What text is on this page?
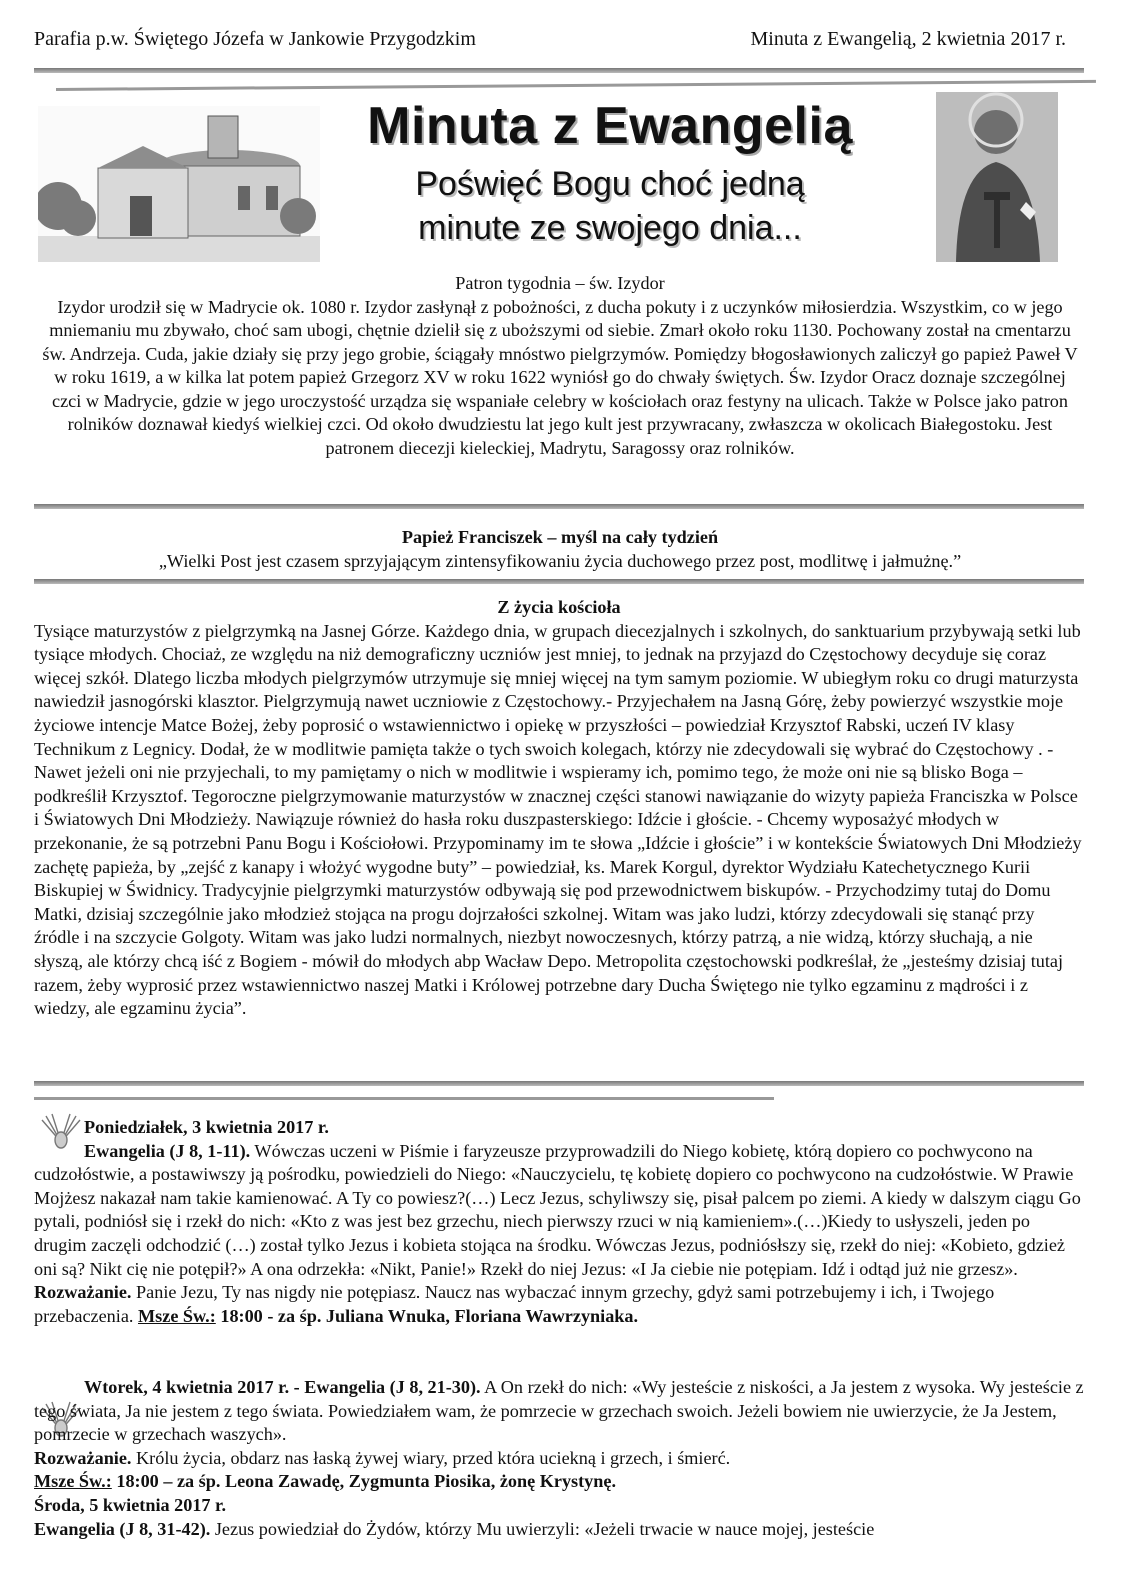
Parafia p.w. Świętego Józefa w Jankowie Przygodzkim	Minuta z Ewangelią, 2 kwietnia 2017 r.
Minuta z Ewangelią
Poświęć Bogu choć jedną
minute ze swojego dnia...

Patron tygodnia – św. Izydor

Izydor urodził się w Madrycie ok. 1080 r. Izydor zasłynął z pobożności, z ducha pokuty i z uczynków miłosierdzia. Wszystkim, co w jego mniemaniu mu zbywało, choć sam ubogi, chętnie dzielił się z uboższymi od siebie. Zmarł około roku 1130. Pochowany został na cmentarzu św. Andrzeja. Cuda, jakie działy się przy jego grobie, ściągały mnóstwo pielgrzymów. Pomiędzy błogosławionych zaliczył go papież Paweł V w roku 1619, a w kilka lat potem papież Grzegorz XV w roku 1622 wyniósł go do chwały świętych. Św. Izydor Oracz doznaje szczególnej czci w Madrycie, gdzie w jego uroczystość urządza się wspaniałe celebry w kościołach oraz festyny na ulicach. Także w Polsce jako patron rolników doznawał kiedyś wielkiej czci. Od około dwudziestu lat jego kult jest przywracany, zwłaszcza w okolicach Białegostoku. Jest patronem diecezji kieleckiej, Madrytu, Saragossy oraz rolników.

Papież Franciszek – myśl na cały tydzień

„Wielki Post jest czasem sprzyjającym zintensyfikowaniu życia duchowego przez post, modlitwę i jałmużnę.”

Z życia kościoła

Tysiące maturzystów z pielgrzymką na Jasnej Górze. Każdego dnia, w grupach diecezjalnych i szkolnych, do sanktuarium przybywają setki lub tysiące młodych. Chociaż, ze względu na niż demograficzny uczniów jest mniej, to jednak na przyjazd do Częstochowy decyduje się coraz więcej szkół. Dlatego liczba młodych pielgrzymów utrzymuje się mniej więcej na tym samym poziomie. W ubiegłym roku co drugi maturzysta nawiedził jasnogórski klasztor. Pielgrzymują nawet uczniowie z Częstochowy.- Przyjechałem na Jasną Górę, żeby powierzyć wszystkie moje życiowe intencje Matce Bożej, żeby poprosić o wstawiennictwo i opiekę w przyszłości – powiedział Krzysztof Rabski, uczeń IV klasy Technikum z Legnicy. Dodał, że w modlitwie pamięta także o tych swoich kolegach, którzy nie zdecydowali się wybrać do Częstochowy . - Nawet jeżeli oni nie przyjechali, to my pamiętamy o nich w modlitwie i wspieramy ich, pomimo tego, że może oni nie są blisko Boga – podkreślił Krzysztof. Tegoroczne pielgrzymowanie maturzystów w znacznej części stanowi nawiązanie do wizyty papieża Franciszka w Polsce i Światowych Dni Młodzieży. Nawiązuje również do hasła roku duszpasterskiego: Idźcie i głoście. - Chcemy wyposażyć młodych w przekonanie, że są potrzebni Panu Bogu i Kościołowi. Przypominamy im te słowa „Idźcie i głoście” i w kontekście Światowych Dni Młodzieży zachętę papieża, by „zejść z kanapy i włożyć wygodne buty” – powiedział, ks. Marek Korgul, dyrektor Wydziału Katechetycznego Kurii Biskupiej w Świdnicy. Tradycyjnie pielgrzymki maturzystów odbywają się pod przewodnictwem biskupów. - Przychodzimy tutaj do Domu Matki, dzisiaj szczególnie jako młodzież stojąca na progu dojrzałości szkolnej. Witam was jako ludzi, którzy zdecydowali się stanąć przy źródle i na szczycie Golgoty. Witam was jako ludzi normalnych, niezbyt nowoczesnych, którzy patrzą, a nie widzą, którzy słuchają, a nie słyszą, ale którzy chcą iść z Bogiem - mówił do młodych abp Wacław Depo. Metropolita częstochowski podkreślał, że „jesteśmy dzisiaj tutaj razem, żeby wyprosić przez wstawiennictwo naszej Matki i Królowej potrzebne dary Ducha Świętego nie tylko egzaminu z mądrości i z wiedzy, ale egzaminu życia”.

Poniedziałek, 3 kwietnia 2017 r.

Ewangelia (J 8, 1-11). Wówczas uczeni w Piśmie i faryzeusze przyprowadzili do Niego kobietę, którą dopiero co pochwycono na cudzołóstwie, a postawiwszy ją pośrodku, powiedzieli do Niego: «Nauczycielu, tę kobietę dopiero co pochwycono na cudzołóstwie. W Prawie Mojżesz nakazał nam takie kamienować. A Ty co powiesz?(…) Lecz Jezus, schyliwszy się, pisał palcem po ziemi. A kiedy w dalszym ciągu Go pytali, podniósł się i rzekł do nich: «Kto z was jest bez grzechu, niech pierwszy rzuci w nią kamieniem».(…)Kiedy to usłyszeli, jeden po drugim zaczęli odchodzić (…) został tylko Jezus i kobieta stojąca na środku. Wówczas Jezus, podniósłszy się, rzekł do niej: «Kobieto, gdzież oni są? Nikt cię nie potępił?» A ona odrzekła: «Nikt, Panie!» Rzekł do niej Jezus: «I Ja ciebie nie potępiam. Idź i odtąd już nie grzesz».

Rozważanie. Panie Jezu, Ty nas nigdy nie potępiasz. Naucz nas wybaczać innym grzechy, gdyż sami potrzebujemy i ich, i Twojego przebaczenia. Msze Św.: 18:00 - za śp. Juliana Wnuka, Floriana Wawrzyniaka.

Wtorek, 4 kwietnia 2017 r. - Ewangelia (J 8, 21-30). A On rzekł do nich: «Wy jesteście z niskości, a Ja jestem z wysoka. Wy jesteście z tego świata, Ja nie jestem z tego świata. Powiedziałem wam, że pomrzecie w grzechach swoich. Jeżeli bowiem nie uwierzycie, że Ja Jestem, pomrzecie w grzechach waszych».

Rozważanie. Królu życia, obdarz nas łaską żywej wiary, przed która uciekną i grzech, i śmierć.

Msze Św.: 18:00 – za śp. Leona Zawadę, Zygmunta Piosika, żonę Krystynę.

Środa, 5 kwietnia 2017 r.

Ewangelia (J 8, 31-42). Jezus powiedział do Żydów, którzy Mu uwierzyli: «Jeżeli trwacie w nauce mojej, jesteście
